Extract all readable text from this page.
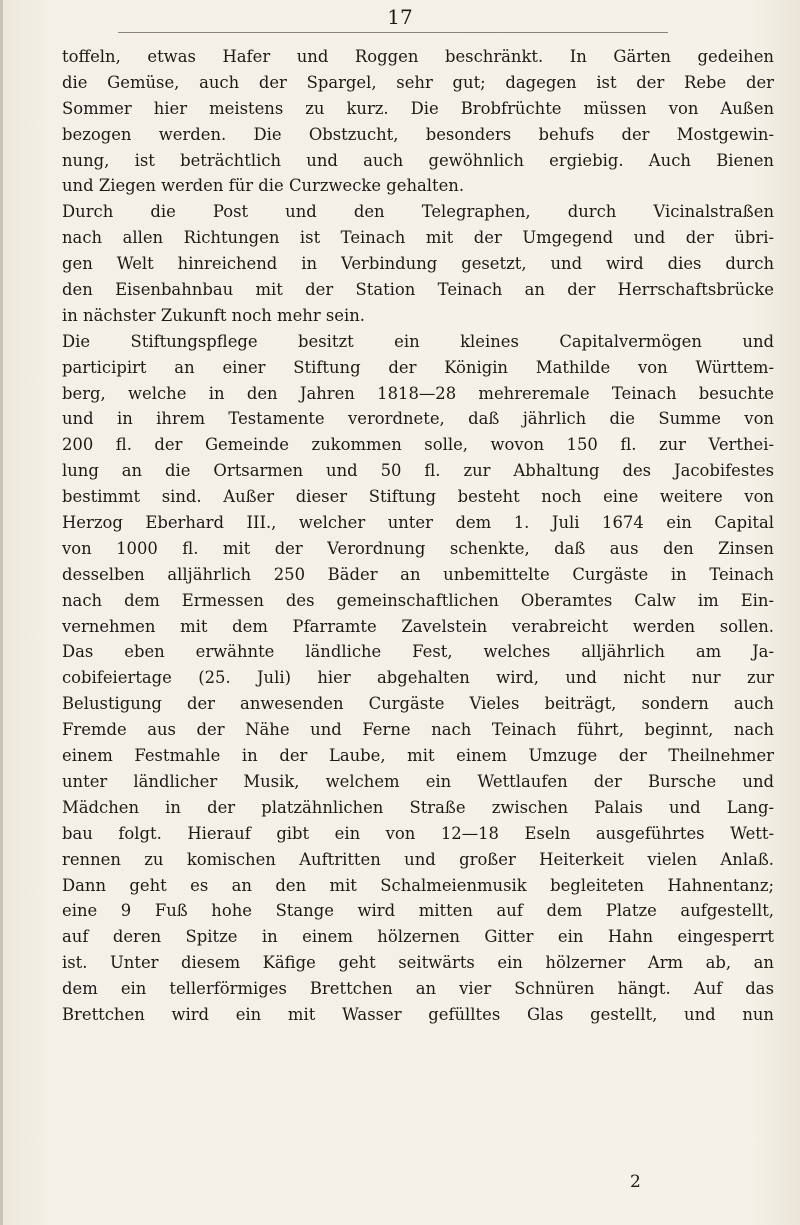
17
toffeln, etwas Hafer und Roggen beschränkt. In Gärten gedeihen
die Gemüse, auch der Spargel, sehr gut; dagegen ist der Rebe der
Sommer hier meistens zu kurz. Die Brobfrüchte müssen von Außen
bezogen werden. Die Obstzucht, besonders behufs der Mostgewin-
nung, ist beträchtlich und auch gewöhnlich ergiebig. Auch Bienen
und Ziegen werden für die Curzwecke gehalten.
Durch die Post und den Telegraphen, durch Vicinalstraßen
nach allen Richtungen ist Teinach mit der Umgegend und der übri-
gen Welt hinreichend in Verbindung gesetzt, und wird dies durch
den Eisenbahnbau mit der Station Teinach an der Herrschaftsbrücke
in nächster Zukunft noch mehr sein.
Die Stiftungspflege besitzt ein kleines Capitalvermögen und
participirt an einer Stiftung der Königin Mathilde von Württem-
berg, welche in den Jahren 1818—28 mehreremale Teinach besuchte
und in ihrem Testamente verordnete, daß jährlich die Summe von
200 fl. der Gemeinde zukommen solle, wovon 150 fl. zur Verthei-
lung an die Ortsarmen und 50 fl. zur Abhaltung des Jacobifestes
bestimmt sind. Außer dieser Stiftung besteht noch eine weitere von
Herzog Eberhard III., welcher unter dem 1. Juli 1674 ein Capital
von 1000 fl. mit der Verordnung schenkte, daß aus den Zinsen
desselben alljährlich 250 Bäder an unbemittelte Curgäste in Teinach
nach dem Ermessen des gemeinschaftlichen Oberamtes Calw im Ein-
vernehmen mit dem Pfarramte Zavelstein verabreicht werden sollen.
Das eben erwähnte ländliche Fest, welches alljährlich am Ja-
cobifeiertage (25. Juli) hier abgehalten wird, und nicht nur zur
Belustigung der anwesenden Curgäste Vieles beiträgt, sondern auch
Fremde aus der Nähe und Ferne nach Teinach führt, beginnt, nach
einem Festmahle in der Laube, mit einem Umzuge der Theilnehmer
unter ländlicher Musik, welchem ein Wettlaufen der Bursche und
Mädchen in der platzähnlichen Straße zwischen Palais und Lang-
bau folgt. Hierauf gibt ein von 12—18 Eseln ausgeführtes Wett-
rennen zu komischen Auftritten und großer Heiterkeit vielen Anlaß.
Dann geht es an den mit Schalmeienmusik begleiteten Hahnentanz;
eine 9 Fuß hohe Stange wird mitten auf dem Platze aufgestellt,
auf deren Spitze in einem hölzernen Gitter ein Hahn eingesperrt
ist. Unter diesem Käfige geht seitwärts ein hölzerner Arm ab, an
dem ein tellerförmiges Brettchen an vier Schnüren hängt. Auf das
Brettchen wird ein mit Wasser gefülltes Glas gestellt, und nun
2
